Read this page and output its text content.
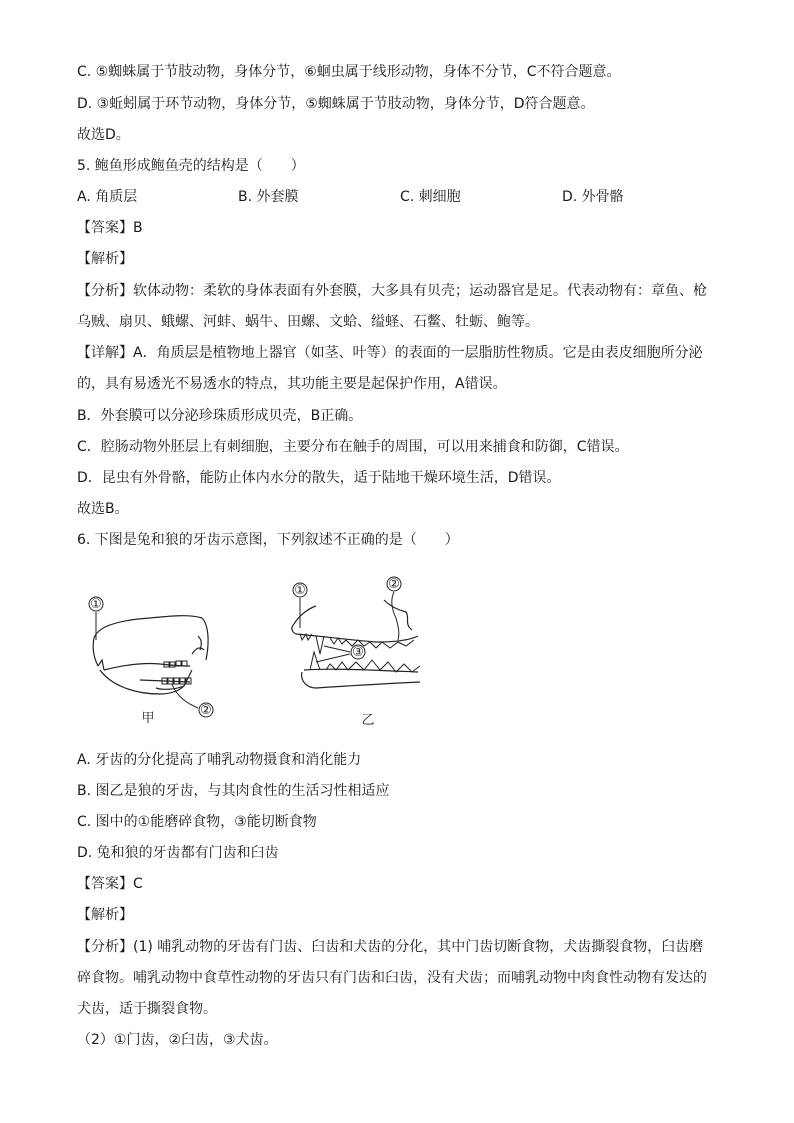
C. ⑤蜘蛛属于节肢动物，身体分节，⑥蛔虫属于线形动物，身体不分节，C不符合题意。
D. ③蚯蚓属于环节动物，身体分节，⑤蜘蛛属于节肢动物，身体分节，D符合题意。
故选D。
5. 鲍鱼形成鲍鱼壳的结构是（　　）
A. 角质层	B. 外套膜	C. 刺细胞	D. 外骨骼
【答案】B
【解析】
【分析】软体动物：柔软的身体表面有外套膜，大多具有贝壳；运动器官是足。代表动物有：章鱼、枪
乌贼、扇贝、蛾螺、河蚌、蜗牛、田螺、文蛤、缢蛏、石鳖、牡蛎、鲍等。
【详解】A．角质层是植物地上器官（如茎、叶等）的表面的一层脂肪性物质。它是由表皮细胞所分泌
的，具有易透光不易透水的特点，其功能主要是起保护作用，A错误。
B．外套膜可以分泌珍珠质形成贝壳，B正确。
C．腔肠动物外胚层上有刺细胞，主要分布在触手的周围，可以用来捕食和防御，C错误。
D．昆虫有外骨骼，能防止体内水分的散失，适于陆地干燥环境生活，D错误。
故选B。
6. 下图是兔和狼的牙齿示意图，下列叙述不正确的是（　　）
①
②
甲
①	②
③
乙
A. 牙齿的分化提高了哺乳动物摄食和消化能力
B. 图乙是狼的牙齿，与其肉食性的生活习性相适应
C. 图中的①能磨碎食物，③能切断食物
D. 兔和狼的牙齿都有门齿和臼齿
【答案】C
【解析】
【分析】(1) 哺乳动物的牙齿有门齿、臼齿和犬齿的分化，其中门齿切断食物，犬齿撕裂食物，臼齿磨
碎食物。哺乳动物中食草性动物的牙齿只有门齿和臼齿，没有犬齿；而哺乳动物中肉食性动物有发达的
犬齿，适于撕裂食物。
（2）①门齿，②臼齿，③犬齿。
